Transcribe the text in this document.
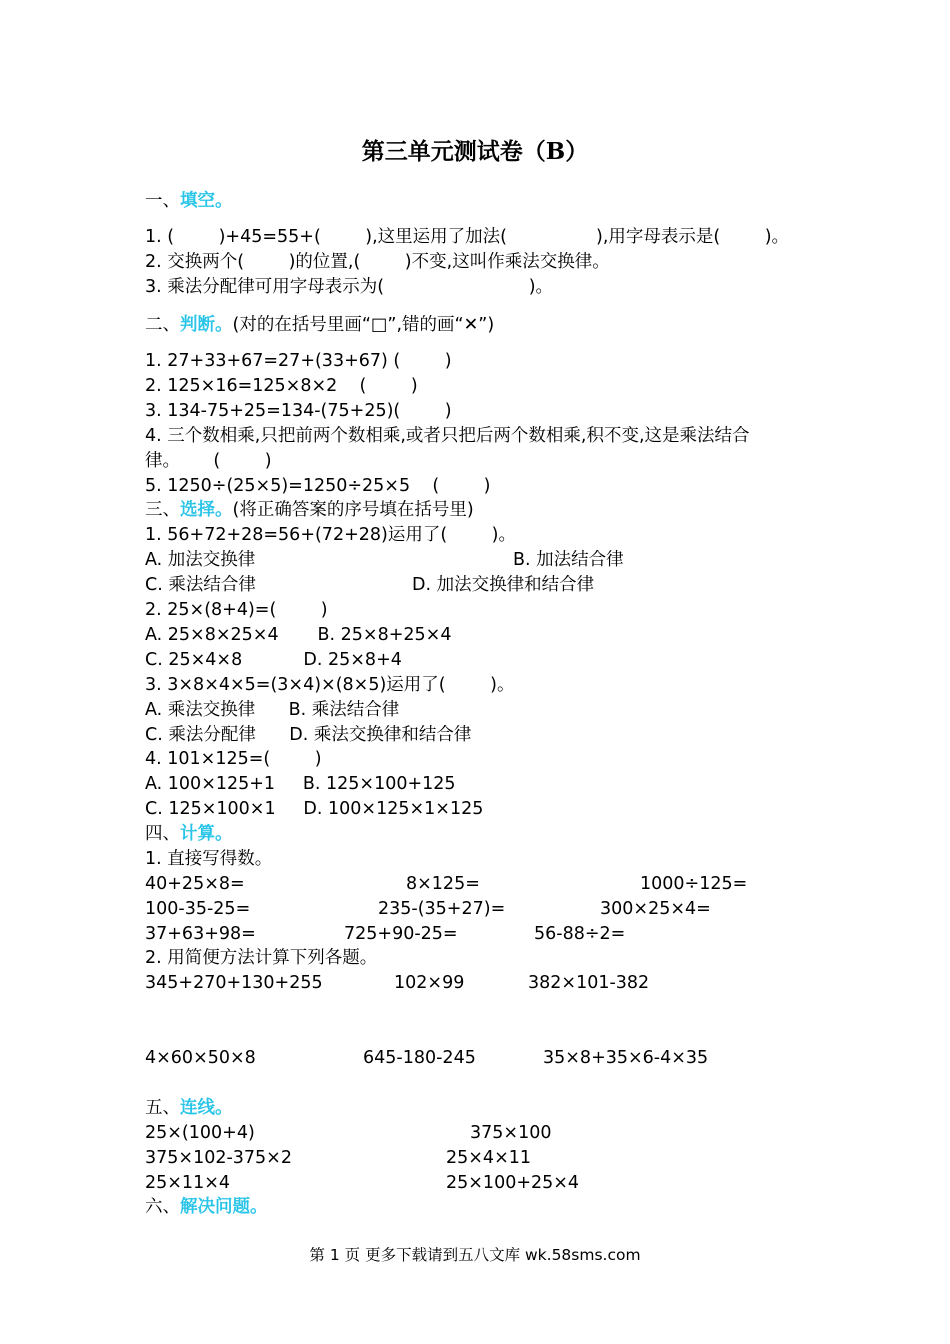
第三单元测试卷（B）
一、填空。
1. (        )+45=55+(        ),这里运用了加法(                ),用字母表示是(        )。
2. 交换两个(        )的位置,(        )不变,这叫作乘法交换律。
3. 乘法分配律可用字母表示为(                          )。
二、判断。(对的在括号里画“□”,错的画“✕”)
1. 27+33+67=27+(33+67) (        )
2. 125×16=125×8×2    (        )
3. 134-75+25=134-(75+25)(        )
4. 三个数相乘,只把前两个数相乘,或者只把后两个数相乘,积不变,这是乘法结合
律。      (        )
5. 1250÷(25×5)=1250÷25×5    (        )
三、选择。(将正确答案的序号填在括号里)
1. 56+72+28=56+(72+28)运用了(        )。
A. 加法交换律	B. 加法结合律
C. 乘法结合律	D. 加法交换律和结合律
2. 25×(8+4)=(        )
A. 25×8×25×4       B. 25×8+25×4
C. 25×4×8           D. 25×8+4
3. 3×8×4×5=(3×4)×(8×5)运用了(        )。
A. 乘法交换律      B. 乘法结合律
C. 乘法分配律      D. 乘法交换律和结合律
4. 101×125=(        )
A. 100×125+1     B. 125×100+125
C. 125×100×1     D. 100×125×1×125
四、计算。
1. 直接写得数。
40+25×8=	8×125=	1000÷125=
100-35-25=	235-(35+27)=	300×25×4=
37+63+98=	725+90-25=	56-88÷2=
2. 用简便方法计算下列各题。
345+270+130+255	102×99	382×101-382
4×60×50×8	645-180-245	35×8+35×6-4×35
五、连线。
25×(100+4)	375×100
375×102-375×2	25×4×11
25×11×4	25×100+25×4
六、解决问题。
第 1 页 更多下载请到五八文库 wk.58sms.com
